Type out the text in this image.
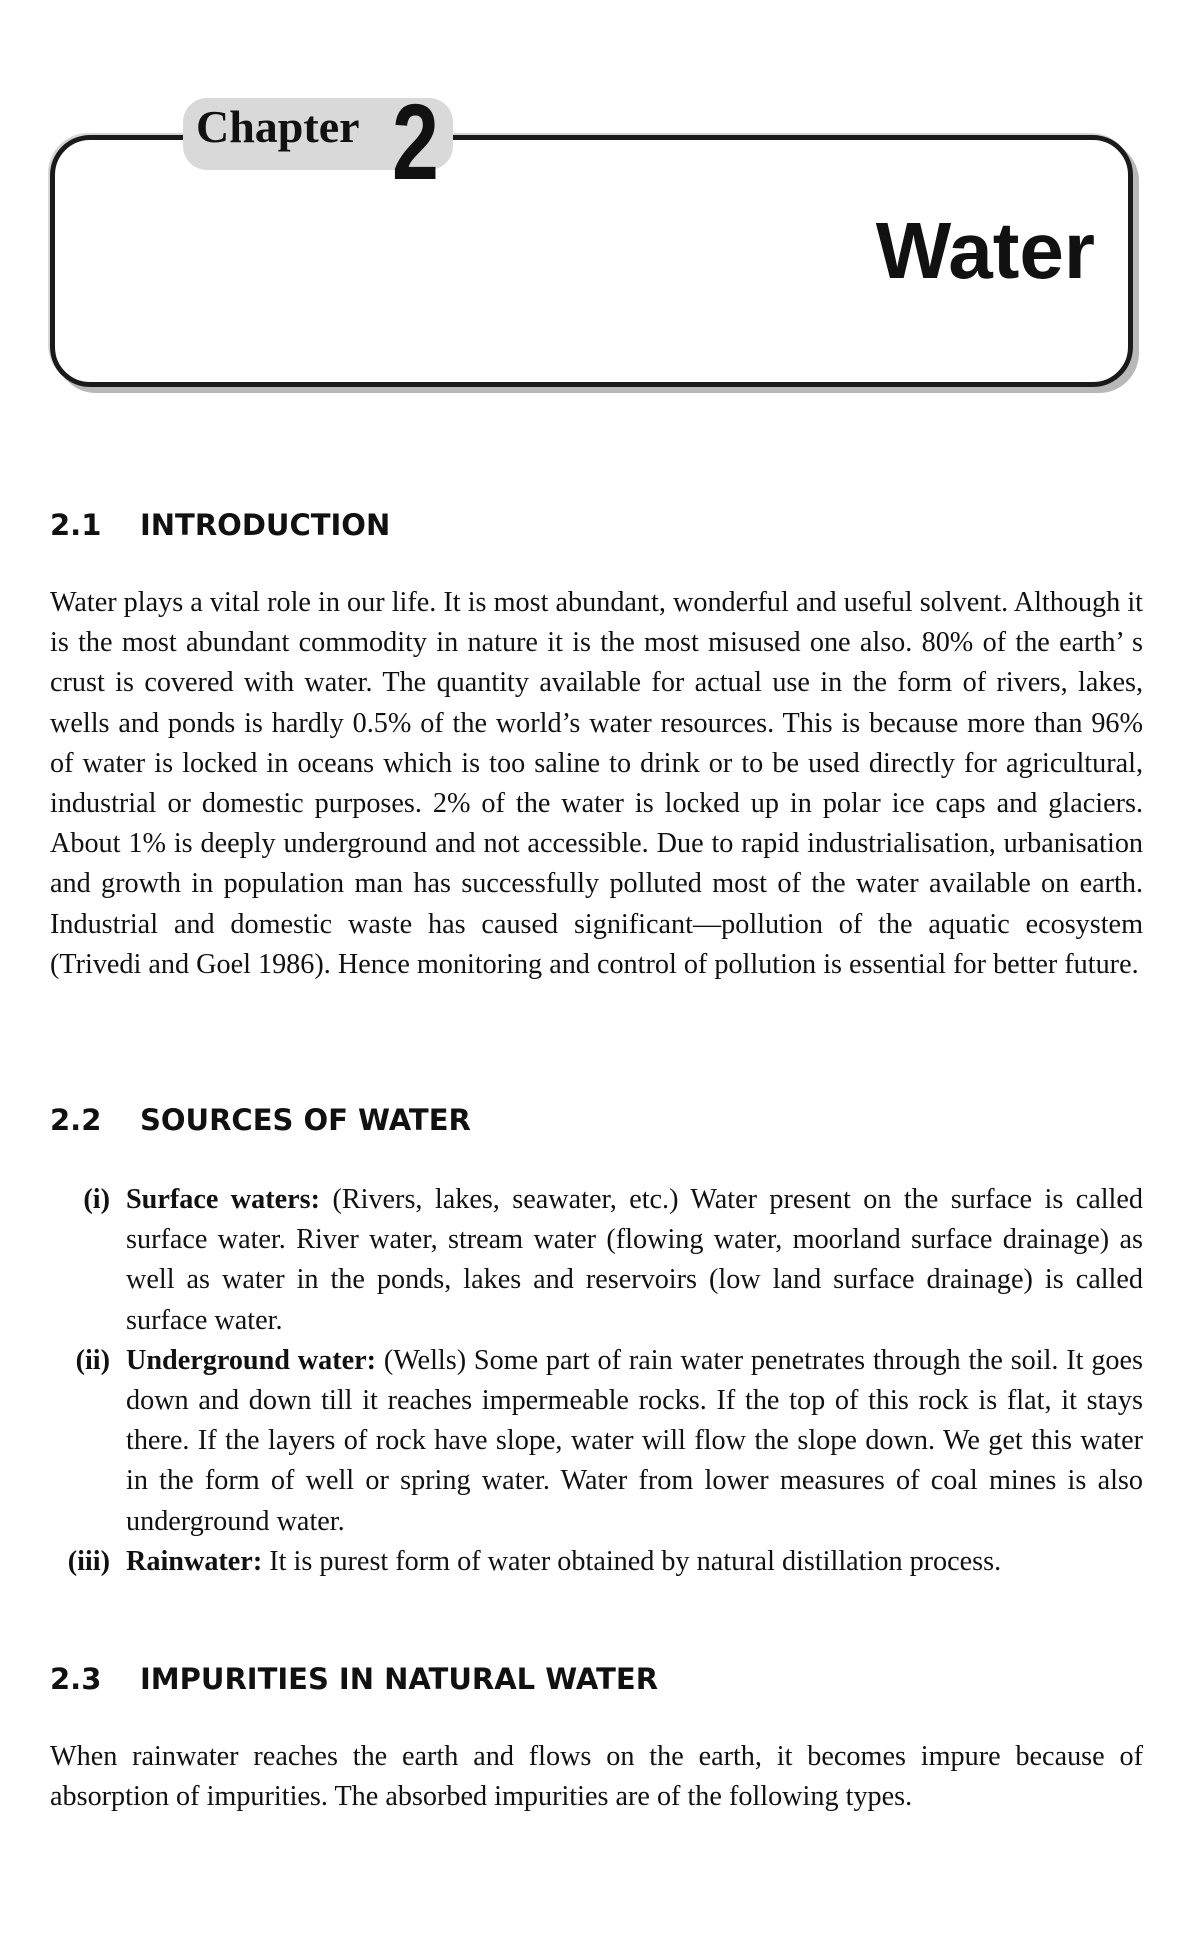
Chapter 2
Water
2.1 INTRODUCTION

Water plays a vital role in our life. It is most abundant, wonderful and useful solvent. Although it is the most abundant commodity in nature it is the most misused one also. 80% of the earth’ s crust is covered with water. The quantity available for actual use in the form of rivers, lakes, wells and ponds is hardly 0.5% of the world’s water resources. This is because more than 96% of water is locked in oceans which is too saline to drink or to be used directly for agricultural, industrial or domestic purposes. 2% of the water is locked up in polar ice caps and glaciers. About 1% is deeply underground and not accessible. Due to rapid industrialisation, urbanisation and growth in population man has successfully polluted most of the water available on earth. Industrial and domestic waste has caused significant—pollution of the aquatic ecosystem (Trivedi and Goel 1986). Hence monitoring and control of pollution is essential for better future.

2.2 SOURCES OF WATER
(i) Surface waters: (Rivers, lakes, seawater, etc.) Water present on the surface is called surface water. River water, stream water (flowing water, moorland surface drainage) as well as water in the ponds, lakes and reservoirs (low land surface drainage) is called surface water.
(ii) Underground water: (Wells) Some part of rain water penetrates through the soil. It goes down and down till it reaches impermeable rocks. If the top of this rock is flat, it stays there. If the layers of rock have slope, water will flow the slope down. We get this water in the form of well or spring water. Water from lower measures of coal mines is also underground water.
(iii) Rainwater: It is purest form of water obtained by natural distillation process.
2.3 IMPURITIES IN NATURAL WATER

When rainwater reaches the earth and flows on the earth, it becomes impure because of absorption of impurities. The absorbed impurities are of the following types.
